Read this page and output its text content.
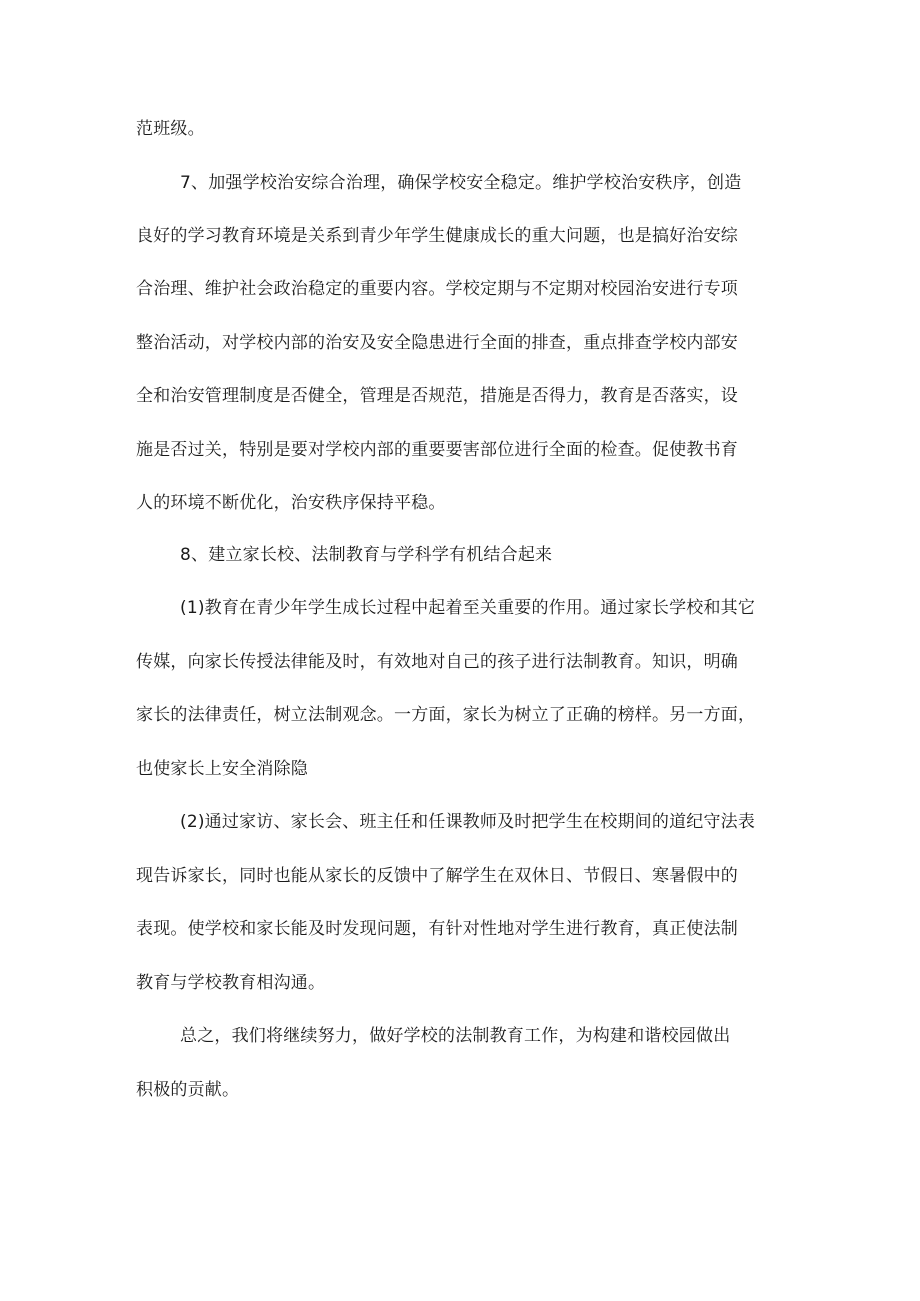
范班级。
7、加强学校治安综合治理，确保学校安全稳定。维护学校治安秩序，创造
良好的学习教育环境是关系到青少年学生健康成长的重大问题，也是搞好治安综
合治理、维护社会政治稳定的重要内容。学校定期与不定期对校园治安进行专项
整治活动，对学校内部的治安及安全隐患进行全面的排查，重点排查学校内部安
全和治安管理制度是否健全，管理是否规范，措施是否得力，教育是否落实，设
施是否过关，特别是要对学校内部的重要要害部位进行全面的检查。促使教书育
人的环境不断优化，治安秩序保持平稳。
8、建立家长校、法制教育与学科学有机结合起来
(1)教育在青少年学生成长过程中起着至关重要的作用。通过家长学校和其它
传媒，向家长传授法律能及时，有效地对自己的孩子进行法制教育。知识，明确
家长的法律责任，树立法制观念。一方面，家长为树立了正确的榜样。另一方面，
也使家长上安全消除隐
(2)通过家访、家长会、班主任和任课教师及时把学生在校期间的道纪守法表
现告诉家长，同时也能从家长的反馈中了解学生在双休日、节假日、寒暑假中的
表现。使学校和家长能及时发现问题，有针对性地对学生进行教育，真正使法制
教育与学校教育相沟通。
总之，我们将继续努力，做好学校的法制教育工作，为构建和谐校园做出
积极的贡献。
